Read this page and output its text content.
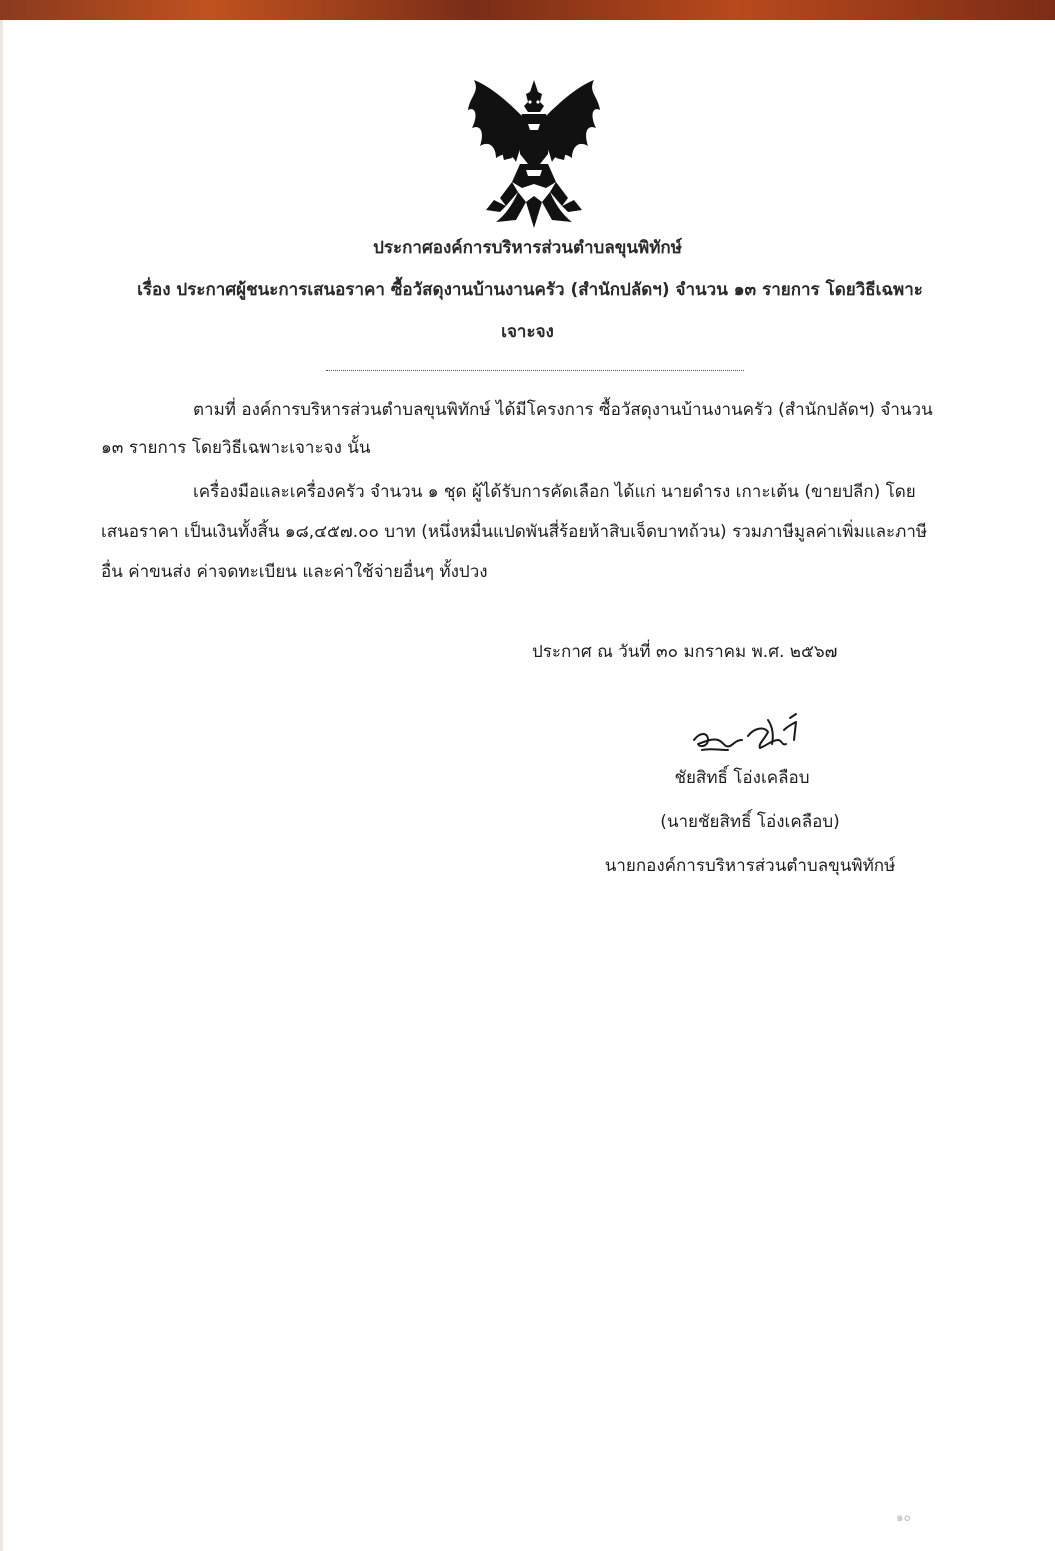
ประกาศองค์การบริหารส่วนตำบลขุนพิทักษ์
เรื่อง ประกาศผู้ชนะการเสนอราคา ซื้อวัสดุงานบ้านงานครัว (สำนักปลัดฯ) จำนวน ๑๓ รายการ โดยวิธีเฉพาะ
เจาะจง
ตามที่ องค์การบริหารส่วนตำบลขุนพิทักษ์ ได้มีโครงการ ซื้อวัสดุงานบ้านงานครัว (สำนักปลัดฯ) จำนวน
๑๓ รายการ โดยวิธีเฉพาะเจาะจง นั้น
เครื่องมือและเครื่องครัว จำนวน ๑ ชุด ผู้ได้รับการคัดเลือก ได้แก่ นายดำรง เกาะเต้น (ขายปลีก) โดย
เสนอราคา เป็นเงินทั้งสิ้น ๑๘,๔๕๗.๐๐ บาท (หนึ่งหมื่นแปดพันสี่ร้อยห้าสิบเจ็ดบาทถ้วน) รวมภาษีมูลค่าเพิ่มและภาษี
อื่น ค่าขนส่ง ค่าจดทะเบียน และค่าใช้จ่ายอื่นๆ ทั้งปวง
ประกาศ ณ วันที่ ๓๐ มกราคม พ.ศ. ๒๕๖๗
ชัยสิทธิ์ โอ่งเคลือบ
(นายชัยสิทธิ์ โอ่งเคลือบ)
นายกองค์การบริหารส่วนตำบลขุนพิทักษ์
๑๐
